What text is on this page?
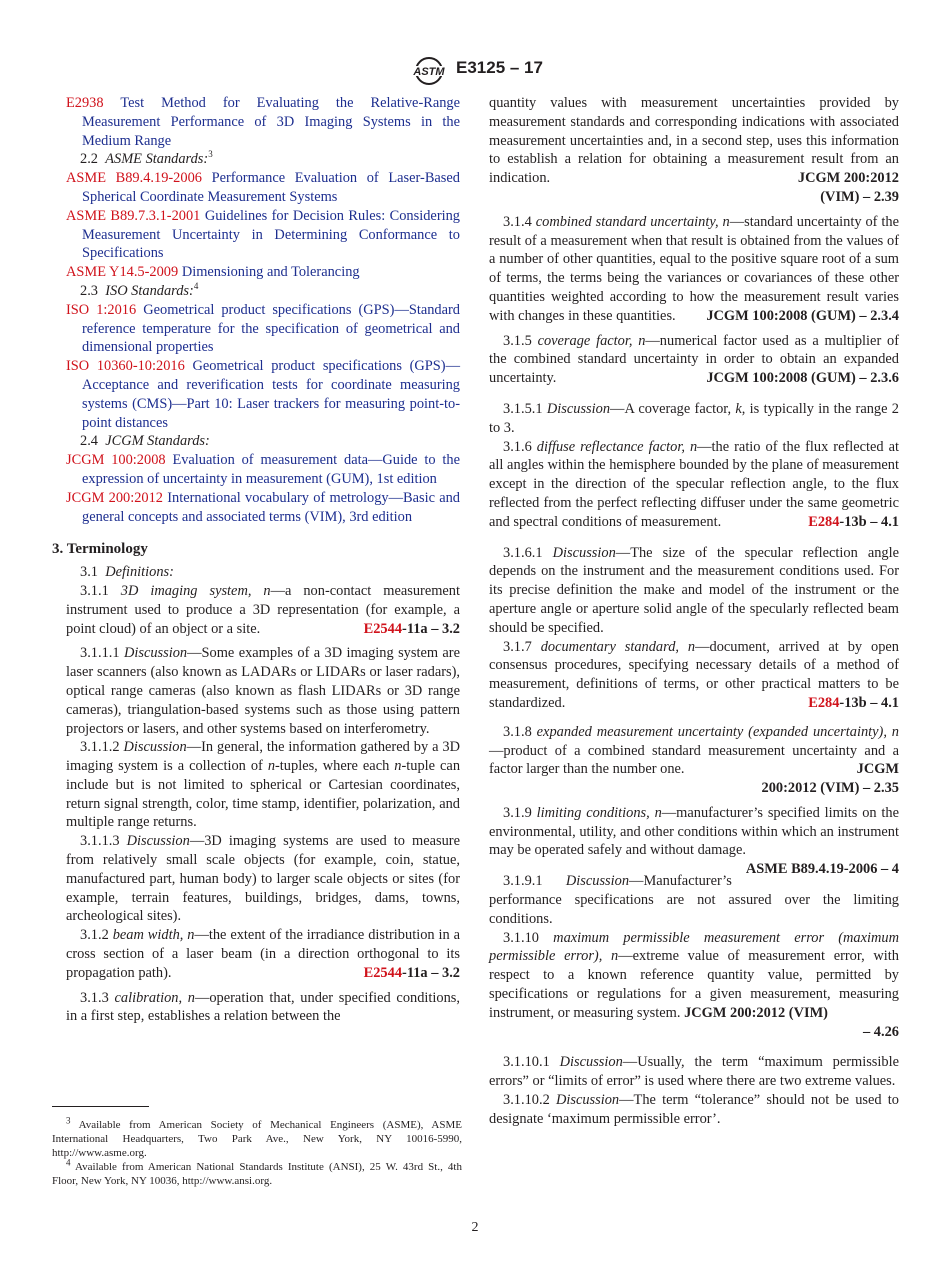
ASTM E3125 – 17

E2938 Test Method for Evaluating the Relative-Range Measurement Performance of 3D Imaging Systems in the Medium Range

2.2 ASME Standards:$^3$

ASME B89.4.19-2006 Performance Evaluation of Laser-Based Spherical Coordinate Measurement Systems

ASME B89.7.3.1-2001 Guidelines for Decision Rules: Considering Measurement Uncertainty in Determining Conformance to Specifications

ASME Y14.5-2009 Dimensioning and Tolerancing

2.3 ISO Standards:$^4$

ISO 1:2016 Geometrical product specifications (GPS)—Standard reference temperature for the specification of geometrical and dimensional properties

ISO 10360-10:2016 Geometrical product specifications (GPS)—Acceptance and reverification tests for coordinate measuring systems (CMS)—Part 10: Laser trackers for measuring point-to-point distances

2.4 JCGM Standards:

JCGM 100:2008 Evaluation of measurement data—Guide to the expression of uncertainty in measurement (GUM), 1st edition

JCGM 200:2012 International vocabulary of metrology—Basic and general concepts and associated terms (VIM), 3rd edition

3. Terminology

3.1 Definitions:

3.1.1 3D imaging system, n—a non-contact measurement instrument used to produce a 3D representation (for example, a point cloud) of an object or a site.	E2544-11a – 3.2

3.1.1.1 Discussion—Some examples of a 3D imaging system are laser scanners (also known as LADARs or LIDARs or laser radars), optical range cameras (also known as flash LIDARs or 3D range cameras), triangulation-based systems such as those using pattern projectors or lasers, and other systems based on interferometry.

3.1.1.2 Discussion—In general, the information gathered by a 3D imaging system is a collection of n-tuples, where each n-tuple can include but is not limited to spherical or Cartesian coordinates, return signal strength, color, time stamp, identifier, polarization, and multiple range returns.

3.1.1.3 Discussion—3D imaging systems are used to measure from relatively small scale objects (for example, coin, statue, manufactured part, human body) to larger scale objects or sites (for example, terrain features, buildings, bridges, dams, towns, archeological sites).

3.1.2 beam width, n—the extent of the irradiance distribution in a cross section of a laser beam (in a direction orthogonal to its propagation path).	E2544-11a – 3.2

3.1.3 calibration, n—operation that, under specified conditions, in a first step, establishes a relation between the

quantity values with measurement uncertainties provided by measurement standards and corresponding indications with associated measurement uncertainties and, in a second step, uses this information to establish a relation for obtaining a measurement result from an indication.	JCGM 200:2012

(VIM) – 2.39

3.1.4 combined standard uncertainty, n—standard uncertainty of the result of a measurement when that result is obtained from the values of a number of other quantities, equal to the positive square root of a sum of terms, the terms being the variances or covariances of these other quantities weighted according to how the measurement result varies with changes in these quantities.	JCGM 100:2008 (GUM) – 2.3.4

3.1.5 coverage factor, n—numerical factor used as a multiplier of the combined standard uncertainty in order to obtain an expanded uncertainty.	JCGM 100:2008 (GUM) – 2.3.6

3.1.5.1 Discussion—A coverage factor, k, is typically in the range 2 to 3.

3.1.6 diffuse reflectance factor, n—the ratio of the flux reflected at all angles within the hemisphere bounded by the plane of measurement except in the direction of the specular reflection angle, to the flux reflected from the perfect reflecting diffuser under the same geometric and spectral conditions of measurement.	E284-13b – 4.1

3.1.6.1 Discussion—The size of the specular reflection angle depends on the instrument and the measurement conditions used. For its precise definition the make and model of the instrument or the aperture angle or aperture solid angle of the specularly reflected beam should be specified.

3.1.7 documentary standard, n—document, arrived at by open consensus procedures, specifying necessary details of a method of measurement, definitions of terms, or other practical matters to be standardized.	E284-13b – 4.1

3.1.8 expanded measurement uncertainty (expanded uncertainty), n—product of a combined standard measurement uncertainty and a factor larger than the number one.	JCGM

200:2012 (VIM) – 2.35

3.1.9 limiting conditions, n—manufacturer’s specified limits on the environmental, utility, and other conditions within which an instrument may be operated safely and without damage.
ASME B89.4.19-2006 – 4

3.1.9.1 Discussion—Manufacturer’s performance specifications are not assured over the limiting conditions.

3.1.10 maximum permissible measurement error (maximum permissible error), n—extreme value of measurement error, with respect to a known reference quantity value, permitted by specifications or regulations for a given measurement, measuring instrument, or measuring system. JCGM 200:2012 (VIM)

– 4.26

3.1.10.1 Discussion—Usually, the term “maximum permissible errors” or “limits of error” is used where there are two extreme values.

3.1.10.2 Discussion—The term “tolerance” should not be used to designate ‘maximum permissible error’.

$^3$ Available from American Society of Mechanical Engineers (ASME), ASME International Headquarters, Two Park Ave., New York, NY 10016-5990, http://www.asme.org.

$^4$ Available from American National Standards Institute (ANSI), 25 W. 43rd St., 4th Floor, New York, NY 10036, http://www.ansi.org.

2
